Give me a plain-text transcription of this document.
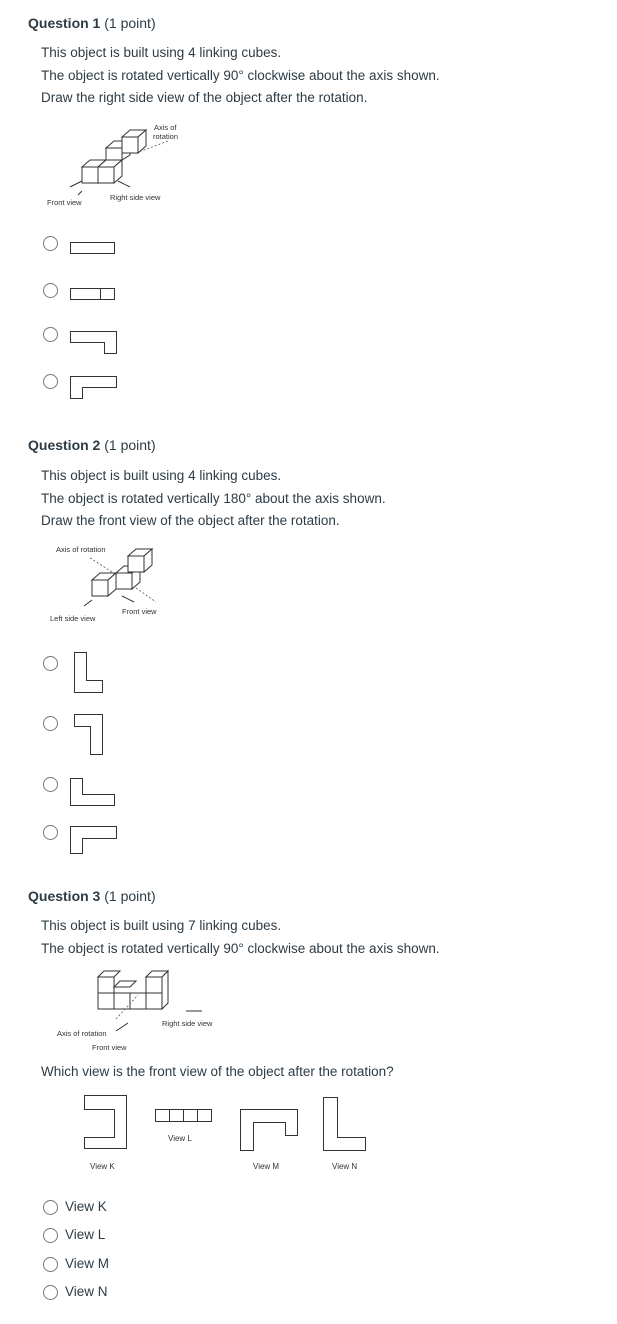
Question 1 (1 point)
This object is built using 4 linking cubes.
The object is rotated vertically 90° clockwise about the axis shown.
Draw the right side view of the object after the rotation.
Axis of
rotation
Right side view
Front view
Question 2 (1 point)
This object is built using 4 linking cubes.
The object is rotated vertically 180° about the axis shown.
Draw the front view of the object after the rotation.
Axis of rotation
Left side view
Front view
Question 3 (1 point)
This object is built using 7 linking cubes.
The object is rotated vertically 90° clockwise about the axis shown.
Right side view
Axis of rotation
Front view
Which view is the front view of the object after the rotation?
View K
View L
View M	View N
View K
View L
View M
View N
